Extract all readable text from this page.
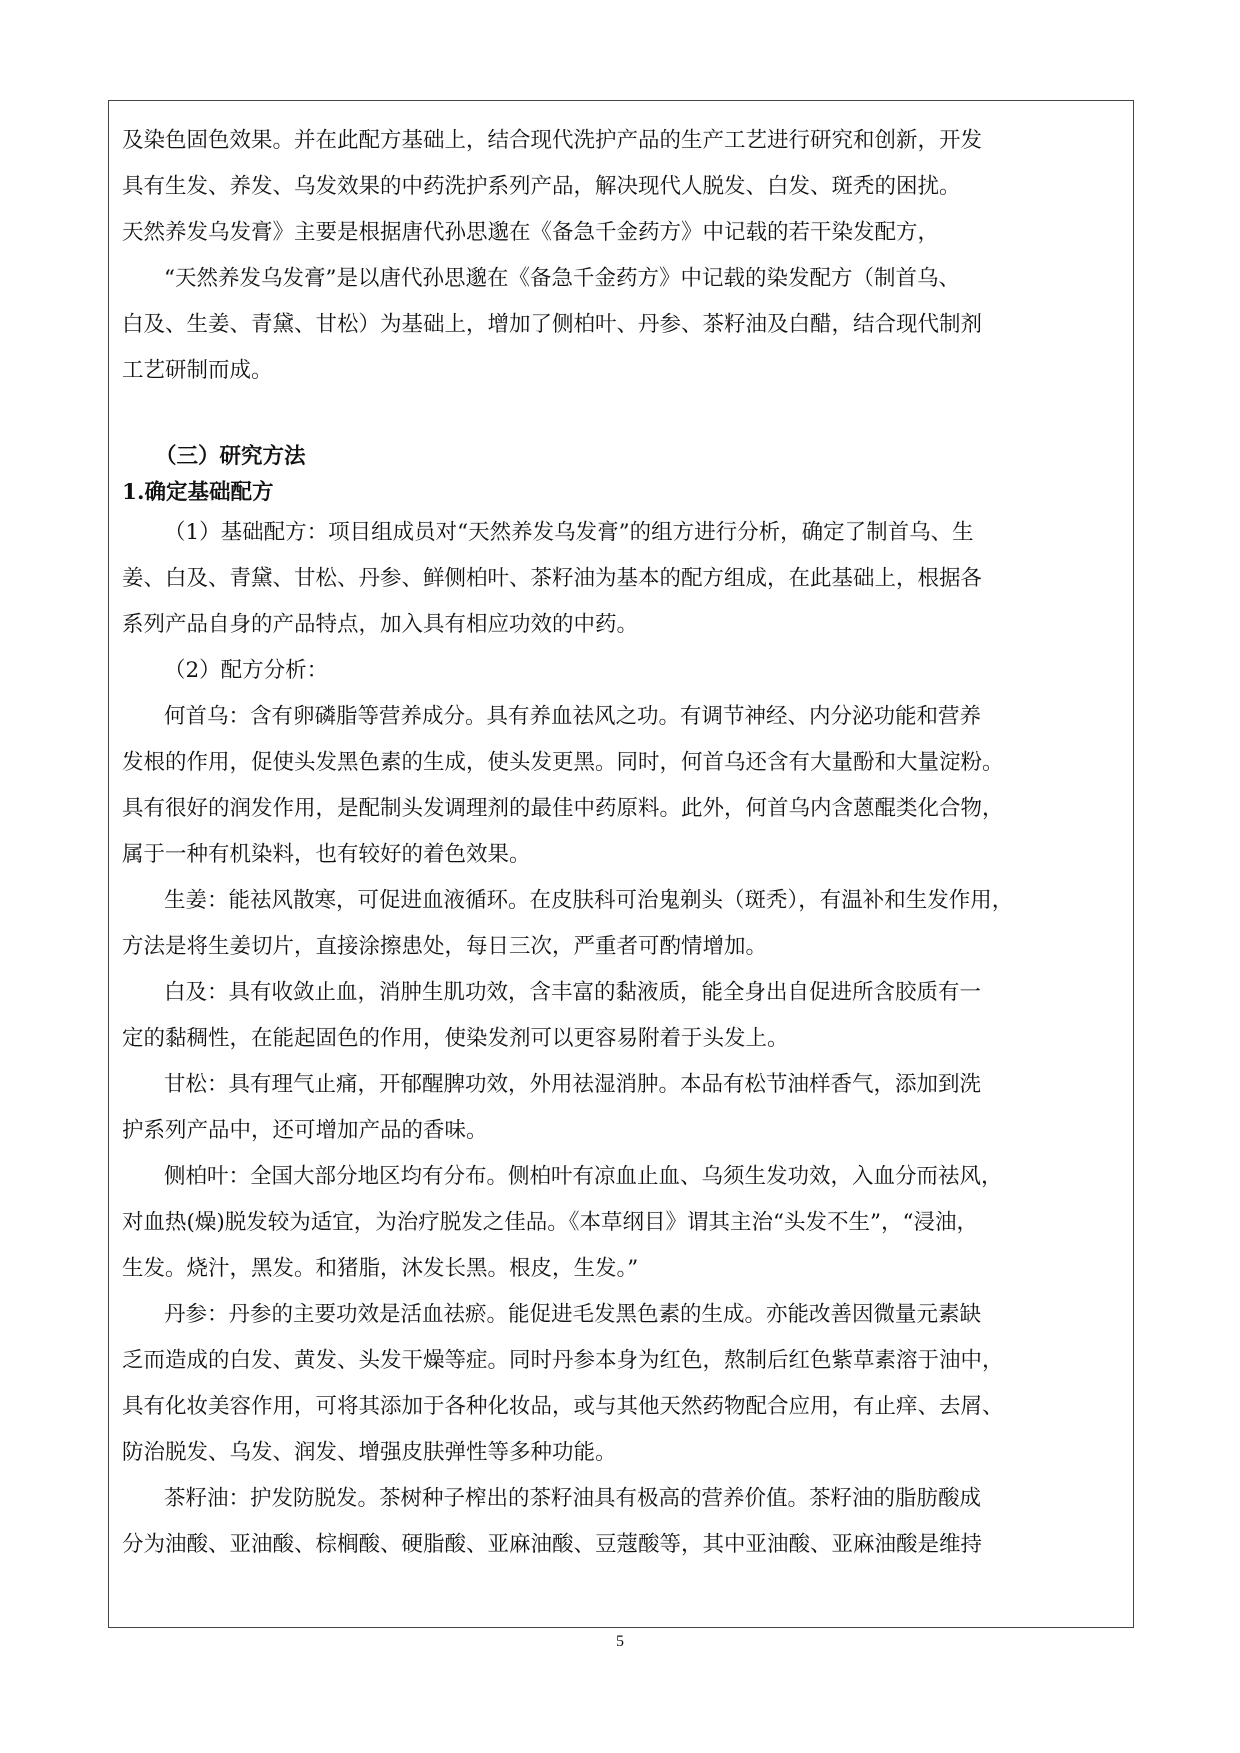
及染色固色效果。并在此配方基础上，结合现代洗护产品的生产工艺进行研究和创新，开发
具有生发、养发、乌发效果的中药洗护系列产品，解决现代人脱发、白发、斑秃的困扰。
天然养发乌发膏》主要是根据唐代孙思邈在《备急千金药方》中记载的若干染发配方，
“天然养发乌发膏”是以唐代孙思邈在《备急千金药方》中记载的染发配方（制首乌、
白及、生姜、青黛、甘松）为基础上，增加了侧柏叶、丹参、茶籽油及白醋，结合现代制剂
工艺研制而成。
（三）研究方法
1.确定基础配方
（1）基础配方：项目组成员对“天然养发乌发膏”的组方进行分析，确定了制首乌、生
姜、白及、青黛、甘松、丹参、鲜侧柏叶、茶籽油为基本的配方组成，在此基础上，根据各
系列产品自身的产品特点，加入具有相应功效的中药。
（2）配方分析：
何首乌：含有卵磷脂等营养成分。具有养血祛风之功。有调节神经、内分泌功能和营养
发根的作用，促使头发黑色素的生成，使头发更黑。同时，何首乌还含有大量酚和大量淀粉。
具有很好的润发作用，是配制头发调理剂的最佳中药原料。此外，何首乌内含蒽醌类化合物，
属于一种有机染料，也有较好的着色效果。
生姜：能祛风散寒，可促进血液循环。在皮肤科可治鬼剃头（斑秃），有温补和生发作用，
方法是将生姜切片，直接涂擦患处，每日三次，严重者可酌情增加。
白及：具有收敛止血，消肿生肌功效，含丰富的黏液质，能全身出自促进所含胶质有一
定的黏稠性，在能起固色的作用，使染发剂可以更容易附着于头发上。
甘松：具有理气止痛，开郁醒脾功效，外用祛湿消肿。本品有松节油样香气，添加到洗
护系列产品中，还可增加产品的香味。
侧柏叶：全国大部分地区均有分布。侧柏叶有凉血止血、乌须生发功效，入血分而祛风，
对血热(燥)脱发较为适宜，为治疗脱发之佳品。《本草纲目》谓其主治“头发不生”，“浸油，
生发。烧汁，黑发。和猪脂，沐发长黑。根皮，生发。”
丹参：丹参的主要功效是活血祛瘀。能促进毛发黑色素的生成。亦能改善因微量元素缺
乏而造成的白发、黄发、头发干燥等症。同时丹参本身为红色，熬制后红色紫草素溶于油中，
具有化妆美容作用，可将其添加于各种化妆品，或与其他天然药物配合应用，有止痒、去屑、
防治脱发、乌发、润发、增强皮肤弹性等多种功能。
茶籽油：护发防脱发。茶树种子榨出的茶籽油具有极高的营养价值。茶籽油的脂肪酸成
分为油酸、亚油酸、棕榈酸、硬脂酸、亚麻油酸、豆蔻酸等，其中亚油酸、亚麻油酸是维持
5
